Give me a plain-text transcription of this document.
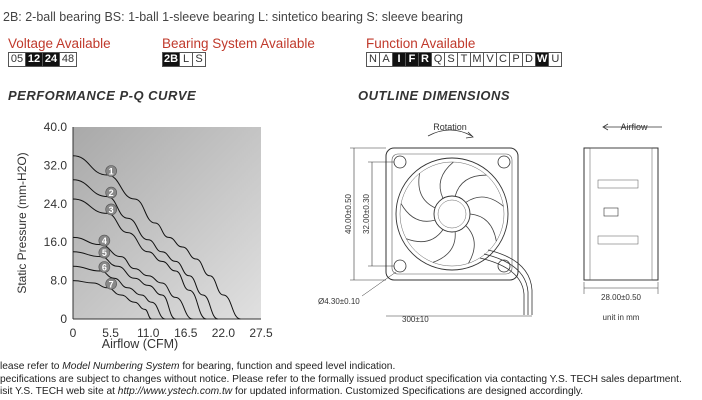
2B: 2-ball bearing BS: 1-ball 1-sleeve bearing L: sintetico bearing S: sleeve bearing
Voltage Available
05 12 24 48
Bearing System Available
2B L S
Function Available
N A I F R Q S T M V C P D W U
PERFORMANCE P-Q CURVE	OUTLINE DIMENSIONS
1
2
3
4
5
6
7
0 5.5 11.0 16.5 22.0 27.5
0
8.0
16.0
24.0
32.0
40.0
Airflow (CFM)
Static Pressure (mm-H2O)
Rotation
40.00±0.50 32.00±0.30
Ø4.30±0.10
300±10
Airflow
28.00±0.50
unit in mm
lease refer to Model Numbering System for bearing, function and speed level indication.
pecifications are subject to changes without notice. Please refer to the formally issued product specification via contacting Y.S. TECH sales department.
isit Y.S. TECH web site at http://www.ystech.com.tw for updated information. Customized Specifications are designed accordingly.
